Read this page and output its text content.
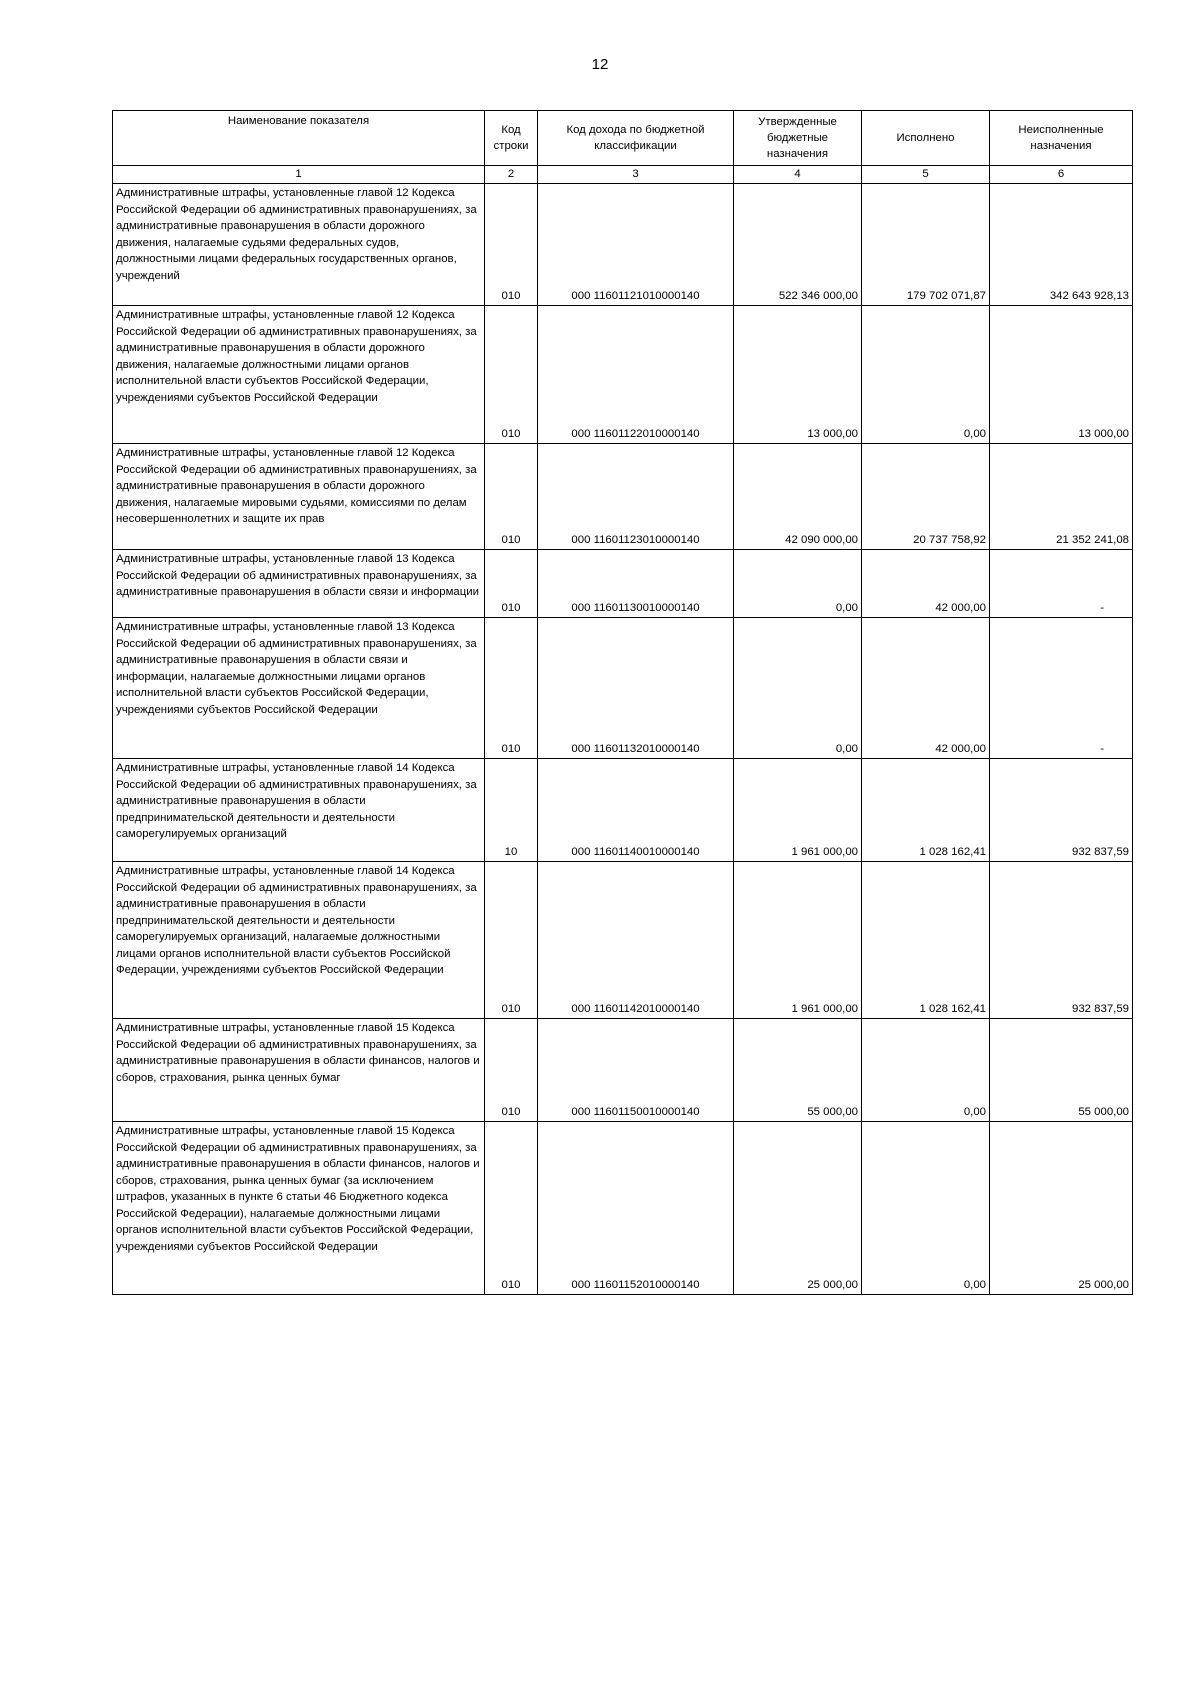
12
Наименование показателя	Код строки	Код дохода по бюджетной классификации	Утвержденные бюджетные назначения	Исполнено	Неисполненные назначения
1	2	3	4	5	6
Административные штрафы, установленные главой 12 Кодекса Российской Федерации об административных правонарушениях, за административные правонарушения в области дорожного движения, налагаемые судьями федеральных судов, должностными лицами федеральных государственных органов, учреждений	010	000 11601121010000140	522 346 000,00	179 702 071,87	342 643 928,13
Административные штрафы, установленные главой 12 Кодекса Российской Федерации об административных правонарушениях, за административные правонарушения в области дорожного движения, налагаемые должностными лицами органов исполнительной власти субъектов Российской Федерации, учреждениями субъектов Российской Федерации	010	000 11601122010000140	13 000,00	0,00	13 000,00
Административные штрафы, установленные главой 12 Кодекса Российской Федерации об административных правонарушениях, за административные правонарушения в области дорожного движения, налагаемые мировыми судьями, комиссиями по делам несовершеннолетних и защите их прав	010	000 11601123010000140	42 090 000,00	20 737 758,92	21 352 241,08
Административные штрафы, установленные главой 13 Кодекса Российской Федерации об административных правонарушениях, за административные правонарушения в области связи и информации	010	000 11601130010000140	0,00	42 000,00	-
Административные штрафы, установленные главой 13 Кодекса Российской Федерации об административных правонарушениях, за административные правонарушения в области связи и информации, налагаемые должностными лицами органов исполнительной власти субъектов Российской Федерации, учреждениями субъектов Российской Федерации	010	000 11601132010000140	0,00	42 000,00	-
Административные штрафы, установленные главой 14 Кодекса Российской Федерации об административных правонарушениях, за административные правонарушения в области предпринимательской деятельности и деятельности саморегулируемых организаций	10	000 11601140010000140	1 961 000,00	1 028 162,41	932 837,59
Административные штрафы, установленные главой 14 Кодекса Российской Федерации об административных правонарушениях, за административные правонарушения в области предпринимательской деятельности и деятельности саморегулируемых организаций, налагаемые должностными лицами органов исполнительной власти субъектов Российской Федерации, учреждениями субъектов Российской Федерации	010	000 11601142010000140	1 961 000,00	1 028 162,41	932 837,59
Административные штрафы, установленные главой 15 Кодекса Российской Федерации об административных правонарушениях, за административные правонарушения в области финансов, налогов и сборов, страхования, рынка ценных бумаг	010	000 11601150010000140	55 000,00	0,00	55 000,00
Административные штрафы, установленные главой 15 Кодекса Российской Федерации об административных правонарушениях, за административные правонарушения в области финансов, налогов и сборов, страхования, рынка ценных бумаг (за исключением штрафов, указанных в пункте 6 статьи 46 Бюджетного кодекса Российской Федерации), налагаемые должностными лицами органов исполнительной власти субъектов Российской Федерации, учреждениями субъектов Российской Федерации	010	000 11601152010000140	25 000,00	0,00	25 000,00
